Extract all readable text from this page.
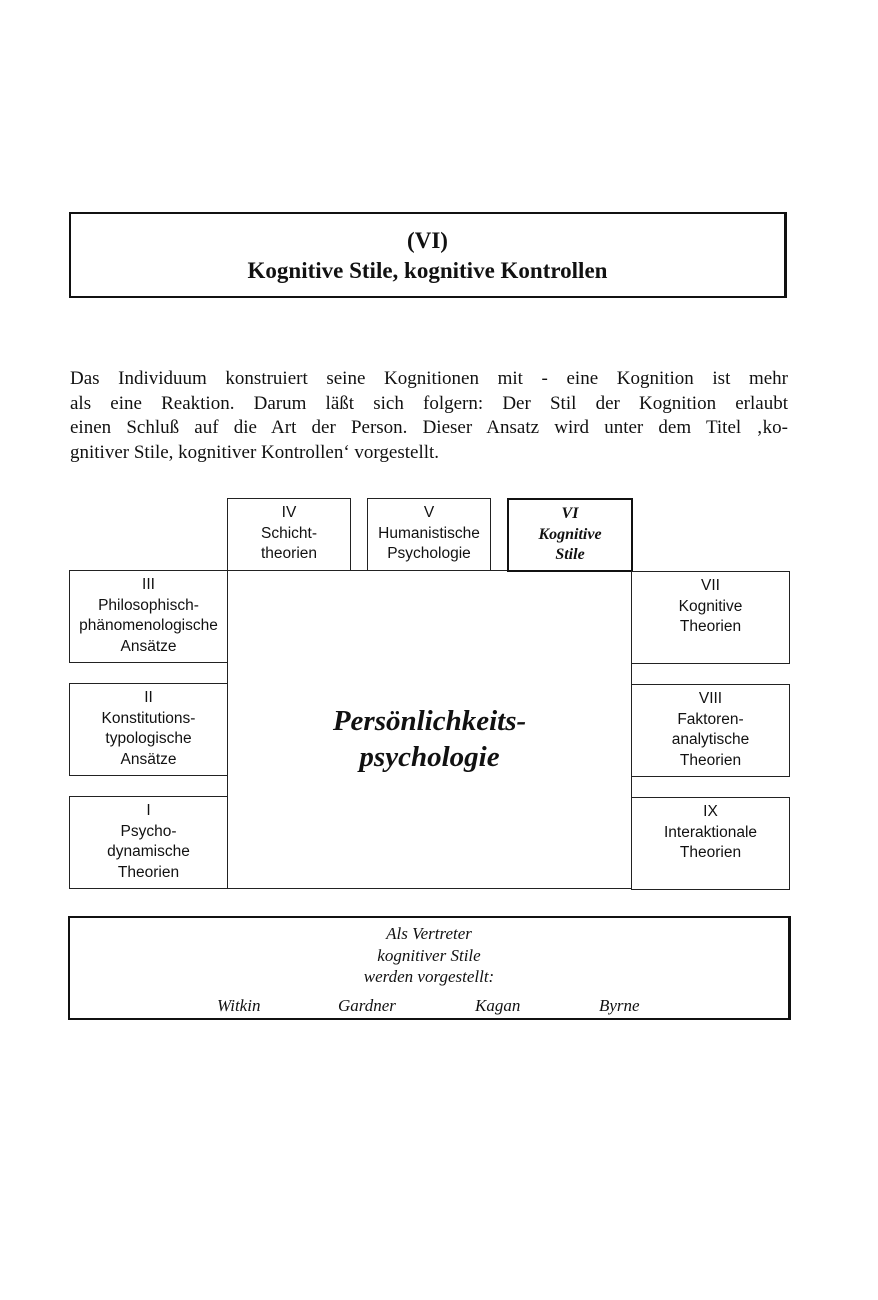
(VI)
Kognitive Stile, kognitive Kontrollen
Das Individuum konstruiert seine Kognitionen mit - eine Kognition ist mehr
als eine Reaktion. Darum läßt sich folgern: Der Stil der Kognition erlaubt
einen Schluß auf die Art der Person. Dieser Ansatz wird unter dem Titel ‚ko-
gnitiver Stile, kognitiver Kontrollen‘ vorgestellt.
Persönlichkeits-
psychologie
IV
Schicht-
theorien
V
Humanistische
Psychologie
VI
Kognitive
Stile
III
Philosophisch-
phänomenologische
Ansätze
II
Konstitutions-
typologische
Ansätze
I
Psycho-
dynamische
Theorien
VII
Kognitive
Theorien
VIII
Faktoren-
analytische
Theorien
IX
Interaktionale
Theorien
Als Vertreter
kognitiver Stile
werden vorgestellt:
Witkin	Gardner	Kagan	Byrne
